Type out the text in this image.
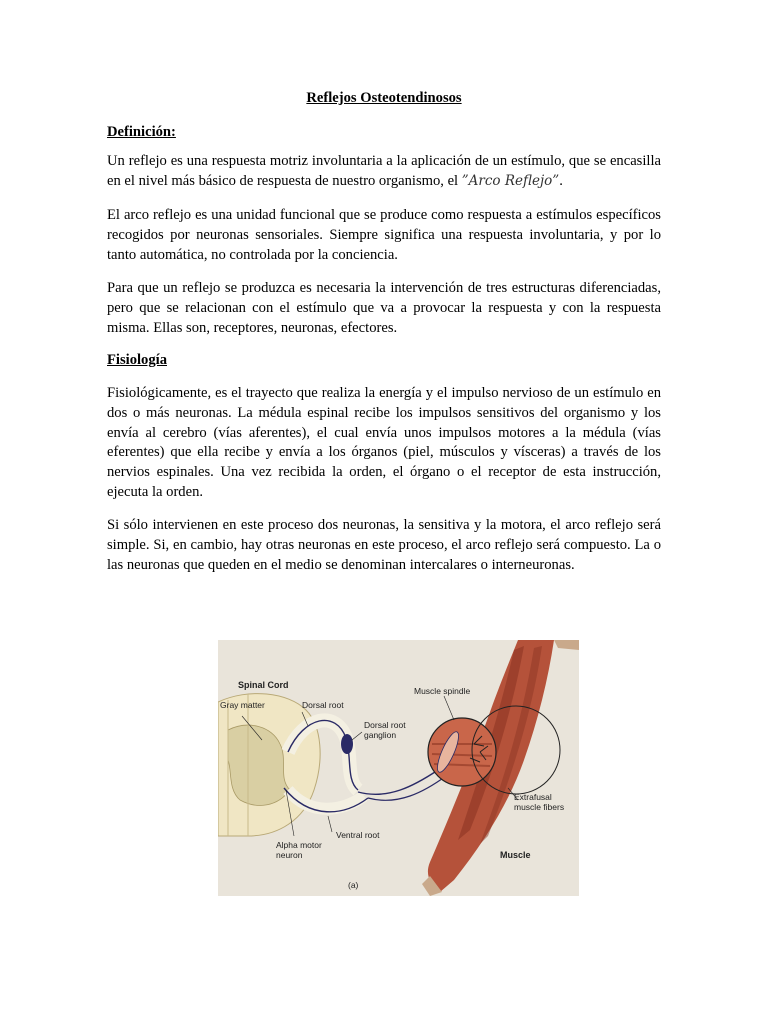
Reflejos Osteotendinosos
Definición:

Un reflejo es una respuesta motriz involuntaria a la aplicación de un estímulo, que se encasilla en el nivel más básico de respuesta de nuestro organismo, el ”Arco Reflejo”.

El arco reflejo es una unidad funcional que se produce como respuesta a estímulos específicos recogidos por neuronas sensoriales. Siempre significa una respuesta involuntaria, y por lo tanto automática, no controlada por la conciencia.

Para que un reflejo se produzca es necesaria la intervención de tres estructuras diferenciadas, pero que se relacionan con el estímulo que va a provocar la respuesta y con la respuesta misma. Ellas son, receptores, neuronas, efectores.

Fisiología

Fisiológicamente, es el trayecto que realiza la energía y el impulso nervioso de un estímulo en dos o más neuronas. La médula espinal recibe los impulsos sensitivos del organismo y los envía al cerebro (vías aferentes), el cual envía unos impulsos motores a la médula (vías eferentes) que ella recibe y envía a los órganos (piel, músculos y vísceras) a través de los nervios espinales. Una vez recibida la orden, el órgano o el receptor de esta instrucción, ejecuta la orden.

Si sólo intervienen en este proceso dos neuronas, la sensitiva y la motora, el arco reflejo será simple. Si, en cambio, hay otras neuronas en este proceso, el arco reflejo será compuesto. La o las neuronas que queden en el medio se denominan intercalares o interneuronas.

Spinal Cord
Gray matter	Dorsal root
Dorsal root
ganglion
Muscle spindle
Extrafusal
muscle fibers
Ventral root
Alpha motor
neuron	Muscle
(a)
